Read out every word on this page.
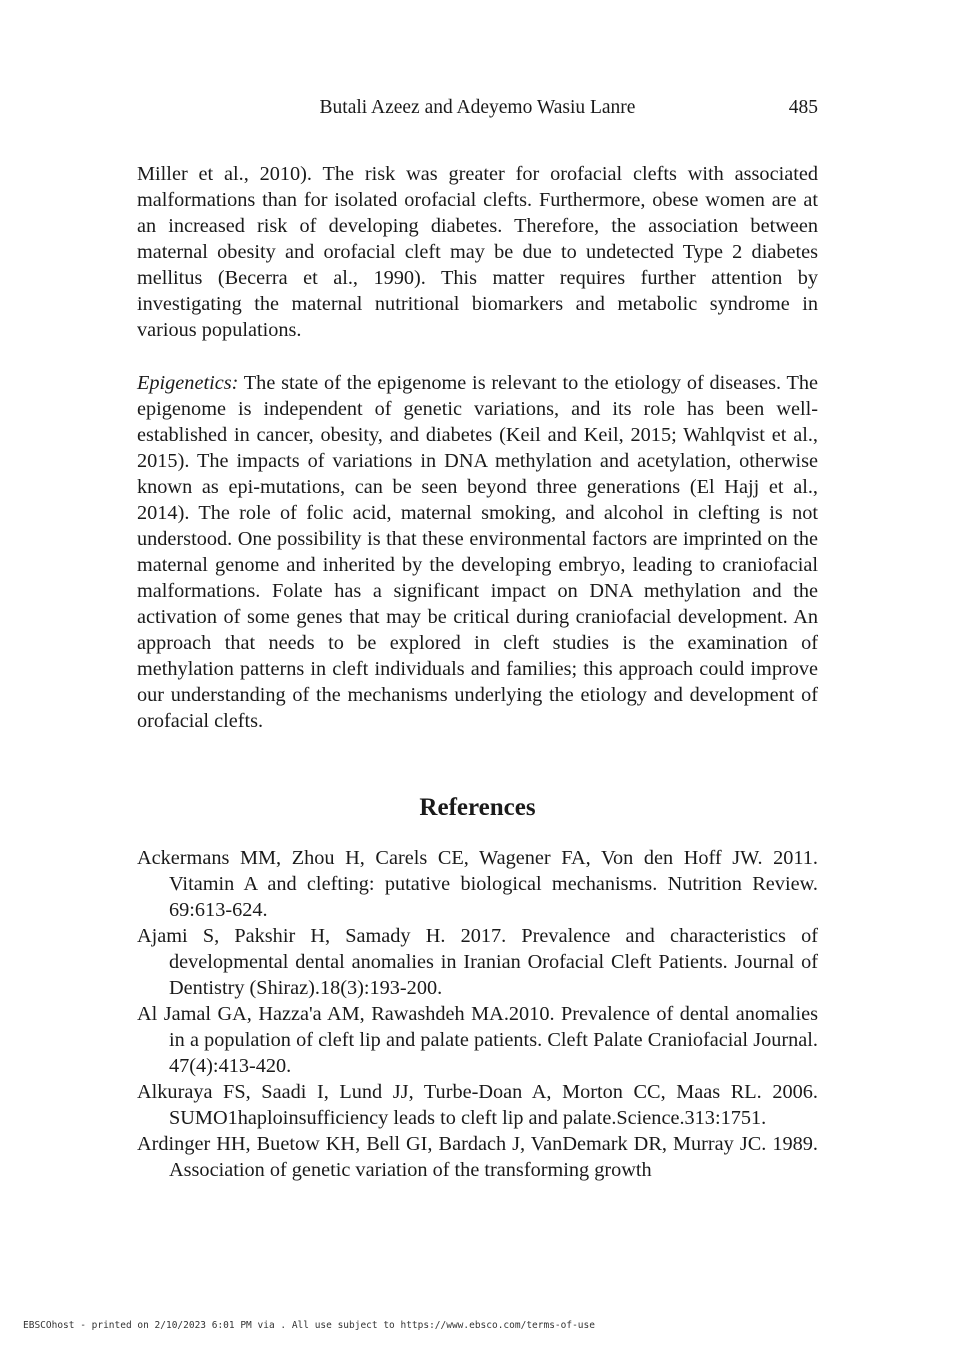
Butali Azeez and Adeyemo Wasiu Lanre	485

Miller et al., 2010). The risk was greater for orofacial clefts with associated malformations than for isolated orofacial clefts. Furthermore, obese women are at an increased risk of developing diabetes. Therefore, the association between maternal obesity and orofacial cleft may be due to undetected Type 2 diabetes mellitus (Becerra et al., 1990). This matter requires further attention by investigating the maternal nutritional biomarkers and metabolic syndrome in various populations.

Epigenetics: The state of the epigenome is relevant to the etiology of diseases. The epigenome is independent of genetic variations, and its role has been well-established in cancer, obesity, and diabetes (Keil and Keil, 2015; Wahlqvist et al., 2015). The impacts of variations in DNA methylation and acetylation, otherwise known as epi-mutations, can be seen beyond three generations (El Hajj et al., 2014). The role of folic acid, maternal smoking, and alcohol in clefting is not understood. One possibility is that these environmental factors are imprinted on the maternal genome and inherited by the developing embryo, leading to craniofacial malformations. Folate has a significant impact on DNA methylation and the activation of some genes that may be critical during craniofacial development. An approach that needs to be explored in cleft studies is the examination of methylation patterns in cleft individuals and families; this approach could improve our understanding of the mechanisms underlying the etiology and development of orofacial clefts.

References
Ackermans MM, Zhou H, Carels CE, Wagener FA, Von den Hoff JW. 2011. Vitamin A and clefting: putative biological mechanisms. Nutrition Review. 69:613-624.
Ajami S, Pakshir H, Samady H. 2017. Prevalence and characteristics of developmental dental anomalies in Iranian Orofacial Cleft Patients. Journal of Dentistry (Shiraz).18(3):193-200.
Al Jamal GA, Hazza'a AM, Rawashdeh MA.2010. Prevalence of dental anomalies in a population of cleft lip and palate patients. Cleft Palate Craniofacial Journal. 47(4):413-420.
Alkuraya FS, Saadi I, Lund JJ, Turbe-Doan A, Morton CC, Maas RL. 2006. SUMO1haploinsufficiency leads to cleft lip and palate.Science.313:1751.
Ardinger HH, Buetow KH, Bell GI, Bardach J, VanDemark DR, Murray JC. 1989. Association of genetic variation of the transforming growth
EBSCOhost - printed on 2/10/2023 6:01 PM via . All use subject to https://www.ebsco.com/terms-of-use
